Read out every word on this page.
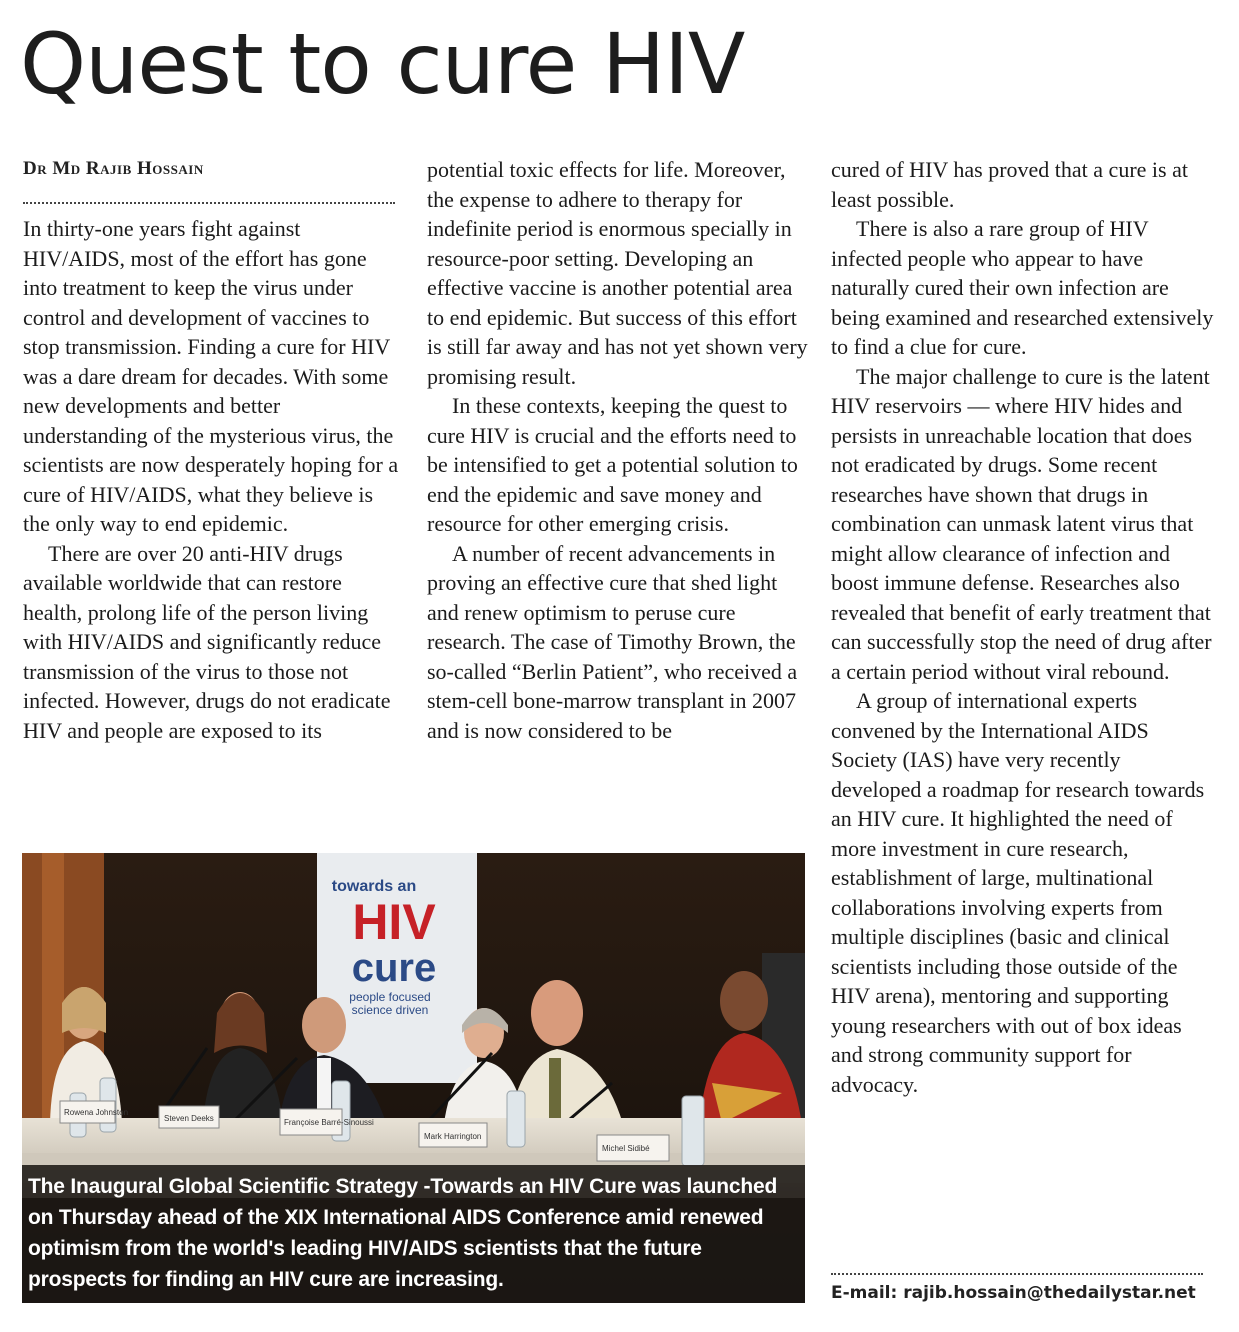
Quest to cure HIV
Dr Md Rajib Hossain

In thirty-one years fight against HIV/AIDS, most of the effort has gone into treatment to keep the virus under control and development of vaccines to stop transmission. Finding a cure for HIV was a dare dream for decades. With some new developments and better understanding of the mysterious virus, the scientists are now desperately hoping for a cure of HIV/AIDS, what they believe is the only way to end epidemic.

There are over 20 anti-HIV drugs available worldwide that can restore health, prolong life of the person living with HIV/AIDS and significantly reduce transmission of the virus to those not infected. However, drugs do not eradicate HIV and people are exposed to its

potential toxic effects for life. Moreover, the expense to adhere to therapy for indefinite period is enormous specially in resource-poor setting. Developing an effective vaccine is another potential area to end epidemic. But success of this effort is still far away and has not yet shown very promising result.

In these contexts, keeping the quest to cure HIV is crucial and the efforts need to be intensified to get a potential solution to end the epidemic and save money and resource for other emerging crisis.

A number of recent advancements in proving an effective cure that shed light and renew optimism to peruse cure research. The case of Timothy Brown, the so-called “Berlin Patient”, who received a stem-cell bone-marrow transplant in 2007 and is now considered to be

cured of HIV has proved that a cure is at least possible.

There is also a rare group of HIV infected people who appear to have naturally cured their own infection are being examined and researched extensively to find a clue for cure.

The major challenge to cure is the latent HIV reservoirs — where HIV hides and persists in unreachable location that does not eradicated by drugs. Some recent researches have shown that drugs in combination can unmask latent virus that might allow clearance of infection and boost immune defense. Researches also revealed that benefit of early treatment that can successfully stop the need of drug after a certain period without viral rebound.

A group of international experts convened by the International AIDS Society (IAS) have very recently developed a roadmap for research towards an HIV cure. It highlighted the need of more investment in cure research, establishment of large, multinational collaborations involving experts from multiple disciplines (basic and clinical scientists including those outside of the HIV arena), mentoring and supporting young researchers with out of box ideas and strong community support for advocacy.

towards an
HIV
cure
people focused
science driven
Rowena Johnston
Steven Deeks	Françoise Barré-Sinoussi
Mark Harrington
Michel Sidibé
The Inaugural Global Scientific Strategy -Towards an HIV Cure was launched on Thursday ahead of the XIX International AIDS Conference amid renewed optimism from the world's leading HIV/AIDS scientists that the future prospects for finding an HIV cure are increasing.
E-mail: rajib.hossain@thedailystar.net
